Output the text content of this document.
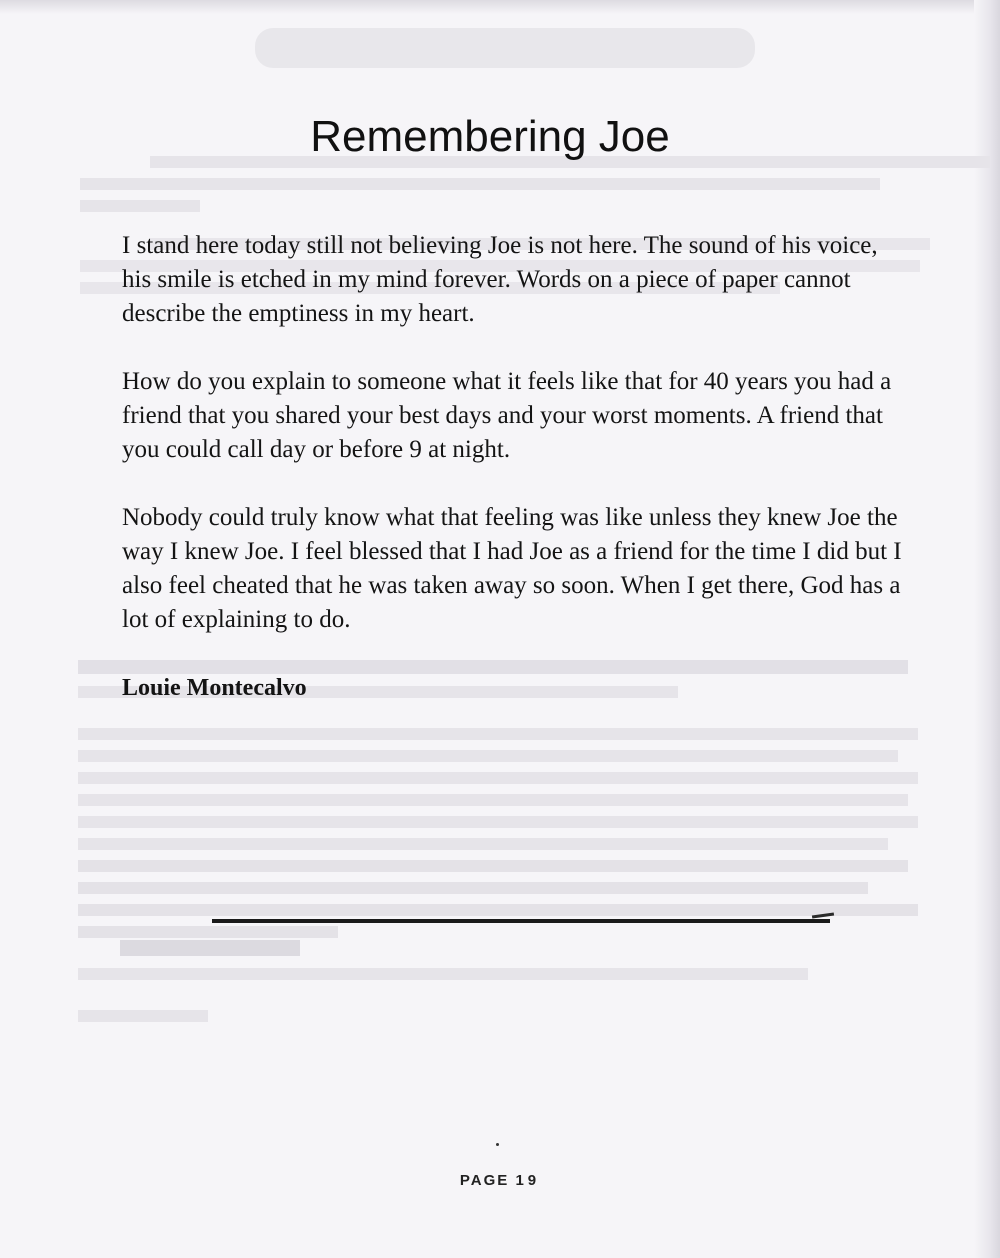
Remembering Joe

I stand here today still not believing Joe is not here. The sound of his voice, his smile is etched in my mind forever. Words on a piece of paper cannot describe the emptiness in my heart.

How do you explain to someone what it feels like that for 40 years you had a friend that you shared your best days and your worst moments. A friend that you could call day or before 9 at night.

Nobody could truly know what that feeling was like unless they knew Joe the way I knew Joe. I feel blessed that I had Joe as a friend for the time I did but I also feel cheated that he was taken away so soon. When I get there, God has a lot of explaining to do.

Louie Montecalvo
PAGE 19
